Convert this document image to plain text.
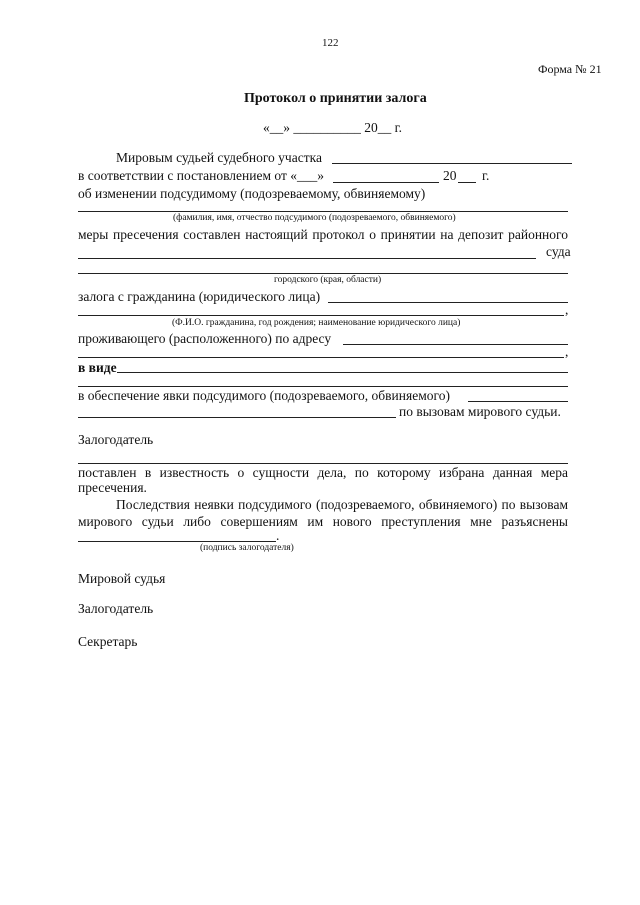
122
Форма № 21
Протокол о принятии залога
«__» __________ 20__ г.
Мировым судьей судебного участка
в соответствии с постановлением от «___»	20 г.
об изменении подсудимому (подозреваемому, обвиняемому)
(фамилия, имя, отчество подсудимого (подозреваемого, обвиняемого)
меры пресечения составлен настоящий протокол о принятии на депозит районного
суда
городского (края, области)
залога с гражданина (юридического лица)
,
(Ф.И.О. гражданина, год рождения; наименование юридического лица)
проживающего (расположенного) по адресу
,
в виде
в обеспечение явки подсудимого (подозреваемого, обвиняемого)
по вызовам мирового судьи.
Залогодатель
поставлен в известность о сущности дела, по которому избрана данная мера
пресечения.
Последствия неявки подсудимого (подозреваемого, обвиняемого) по вызовам
мирового судьи либо совершениям им нового преступления мне разъяснены
.
(подпись залогодателя)
Мировой судья
Залогодатель
Секретарь
